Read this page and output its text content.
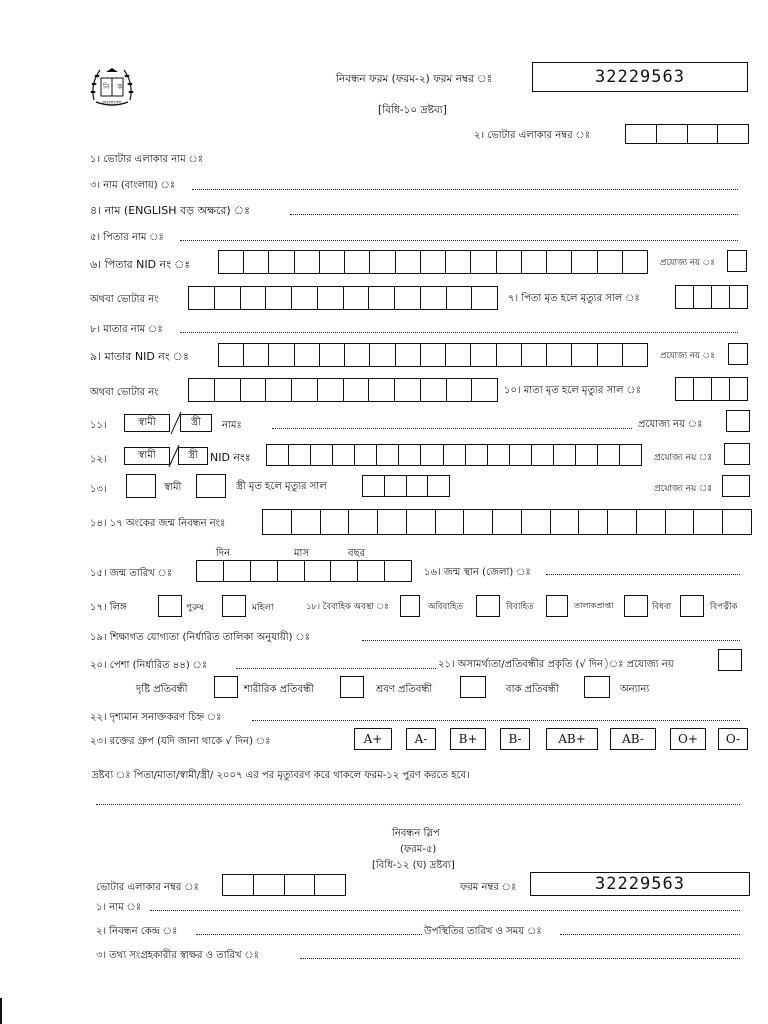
নি ক
বাংলাদেশ
নিবন্ধন ফরম (ফরম-২) ফরম নম্বর ঃ	32229563
[বিধি-১০ দ্রষ্টব্য]
২। ভোটার এলাকার নম্বর ঃ
১। ভোটার এলাকার নাম ঃ
৩। নাম (বাংলায়) ঃ
৪। নাম (ENGLISH বড় অক্ষরে) ঃ
৫। পিতার নাম ঃ
৬। পিতার NID নং ঃ	প্রযোজ্য নয় ঃ
অথবা ভোটার নং	৭। পিতা মৃত হলে মৃত্যুর সাল ঃ
৮। মাতার নাম ঃ
৯। মাতার NID নং ঃ	প্রযোজ্য নয় ঃ
অথবা ভোটার নং	১০। মাতা মৃত হলে মৃত্যুর সাল ঃ
১১।	স্বামী	স্ত্রী	নামঃ	প্রযোজ্য নয় ঃ
১২।	স্বামী	স্ত্রী	NID নংঃ	প্রযোজ্য নয় ঃ
১৩।	স্বামী	স্ত্রী মৃত হলে মৃত্যুর সাল	প্রযোজ্য নয় ঃ
১৪। ১৭ অংকের জন্ম নিবন্ধন নংঃ
দিন	মাস	বছর
১৫। জন্ম তারিখ ঃ	১৬। জন্ম স্থান (জেলা) ঃ
১৭। লিঙ্গ	পুরুষ	মহিলা	১৮। বৈবাহিক অবস্থা ঃ	অবিবাহিত	বিবাহিত	তালাকপ্রাপ্তা	বিধবা	বিপত্নীক
১৯। শিক্ষাগত যোগ্যতা (নির্ধারিত তালিকা অনুযায়ী) ঃ
২০। পেশা (নির্ধারিত ৪৪) ঃ	২১। অসামর্থ্যতা/প্রতিবন্ধীর প্রকৃতি (√ দিন)ঃ প্রযোজ্য নয়
দৃষ্টি প্রতিবন্ধী	শারীরিক প্রতিবন্ধী	শ্রবণ প্রতিবন্ধী	বাক প্রতিবন্ধী	অন্যান্য
২২। দৃশ্যমান সনাক্তকরণ চিহ্ন ঃ
২৩। রক্তের গ্রুপ (যদি জানা থাকে √ দিন) ঃ	A+	A-	B+	B-	AB+	AB-	O+	O-
দ্রষ্টব্য ঃ পিতা/মাতা/স্বামী/স্ত্রী/ ২০০৭ এর পর মৃত্যুবরণ করে থাকলে ফরম-১২ পুরণ করতে হবে।
নিবন্ধন স্লিপ
(ফরম-৫)
[বিধি-১২ (ঘ) দ্রষ্টব্য]
ভোটার এলাকার নম্বর ঃ	ফরম নম্বর ঃ	32229563
১। নাম ঃ
২। নিবন্ধন কেন্দ্র ঃ	উপস্থিতির তারিখ ও সময় ঃ
৩। তথ্য সংগ্রহকারীর স্বাক্ষর ও তারিখ ঃ
